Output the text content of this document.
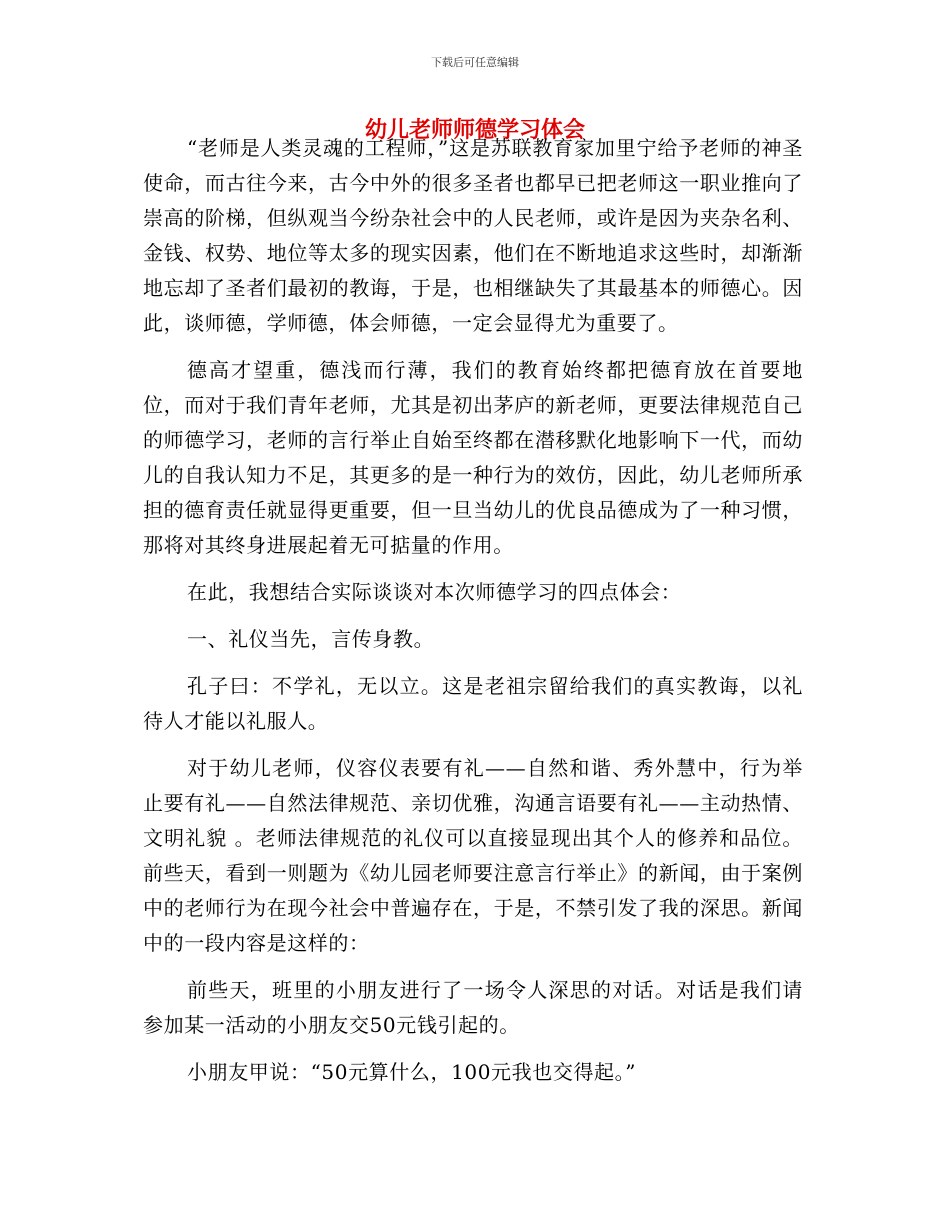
下载后可任意编辑
幼儿老师师德学习体会

“老师是人类灵魂的工程师，”这是苏联教育家加里宁给予老师的神圣使命，而古往今来，古今中外的很多圣者也都早已把老师这一职业推向了崇高的阶梯，但纵观当今纷杂社会中的人民老师，或许是因为夹杂名利、金钱、权势、地位等太多的现实因素，他们在不断地追求这些时，却渐渐地忘却了圣者们最初的教诲，于是，也相继缺失了其最基本的师德心。因此，谈师德，学师德，体会师德，一定会显得尤为重要了。

德高才望重，德浅而行薄，我们的教育始终都把德育放在首要地位，而对于我们青年老师，尤其是初出茅庐的新老师，更要法律规范自己的师德学习，老师的言行举止自始至终都在潜移默化地影响下一代，而幼儿的自我认知力不足，其更多的是一种行为的效仿，因此，幼儿老师所承担的德育责任就显得更重要，但一旦当幼儿的优良品德成为了一种习惯，那将对其终身进展起着无可掂量的作用。

在此，我想结合实际谈谈对本次师德学习的四点体会：

一、礼仪当先，言传身教。

孔子曰：不学礼，无以立。这是老祖宗留给我们的真实教诲，以礼待人才能以礼服人。

对于幼儿老师，仪容仪表要有礼——自然和谐、秀外慧中，行为举止要有礼——自然法律规范、亲切优雅，沟通言语要有礼——主动热情、文明礼貌 。老师法律规范的礼仪可以直接显现出其个人的修养和品位。前些天，看到一则题为《幼儿园老师要注意言行举止》的新闻，由于案例中的老师行为在现今社会中普遍存在，于是，不禁引发了我的深思。新闻中的一段内容是这样的：

前些天，班里的小朋友进行了一场令人深思的对话。对话是我们请参加某一活动的小朋友交50元钱引起的。

小朋友甲说：“50元算什么，100元我也交得起。”
